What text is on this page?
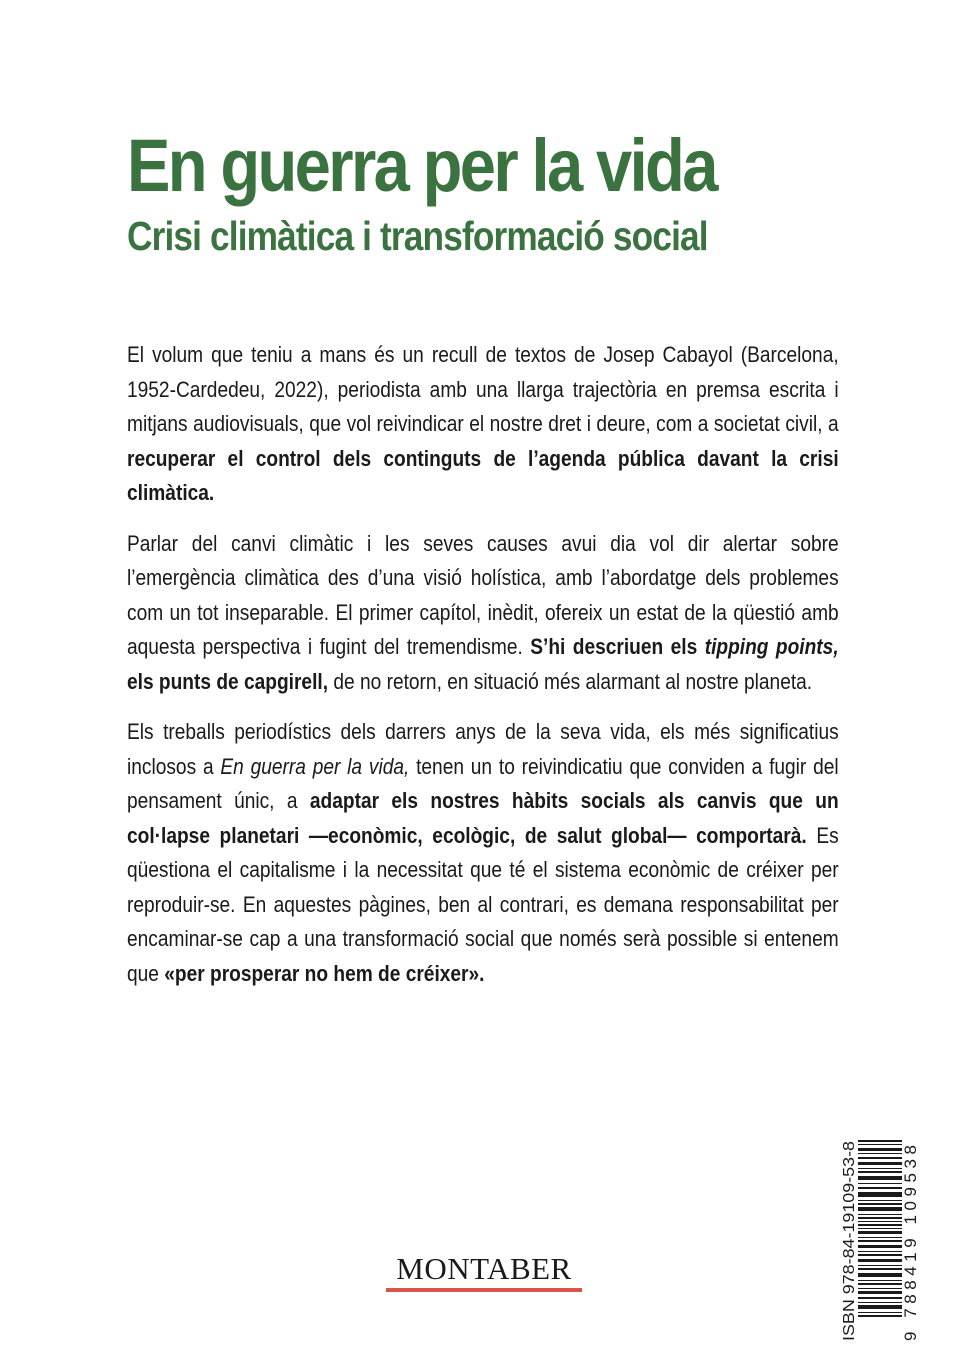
En guerra per la vida
Crisi climàtica i transformació social

El volum que teniu a mans és un recull de textos de Josep Cabayol (Barcelona, 1952-Cardedeu, 2022), periodista amb una llarga trajectòria en premsa escrita i mitjans audiovisuals, que vol reivindicar el nostre dret i deure, com a societat civil, a recuperar el control dels continguts de l’agenda pública davant la crisi climàtica.

Parlar del canvi climàtic i les seves causes avui dia vol dir alertar sobre l’emergència climàtica des d’una visió holística, amb l’abordatge dels problemes com un tot inseparable. El primer capítol, inèdit, ofereix un estat de la qüestió amb aquesta perspectiva i fugint del tremendisme. S’hi descriuen els tipping points, els punts de capgirell, de no retorn, en situació més alarmant al nostre planeta.

Els treballs periodístics dels darrers anys de la seva vida, els més significatius inclosos a En guerra per la vida, tenen un to reivindicatiu que conviden a fugir del pensament únic, a adaptar els nostres hàbits socials als canvis que un col·lapse planetari —econòmic, ecològic, de salut global— comportarà. Es qüestiona el capitalisme i la necessitat que té el sistema econòmic de créixer per reproduir-se. En aquestes pàgines, ben al contrari, es demana responsabilitat per encaminar-se cap a una transformació social que només serà possible si entenem que «per prosperar no hem de créixer».

MONTABER	ISBN 978-84-19109-53-8	9 788419 109538
